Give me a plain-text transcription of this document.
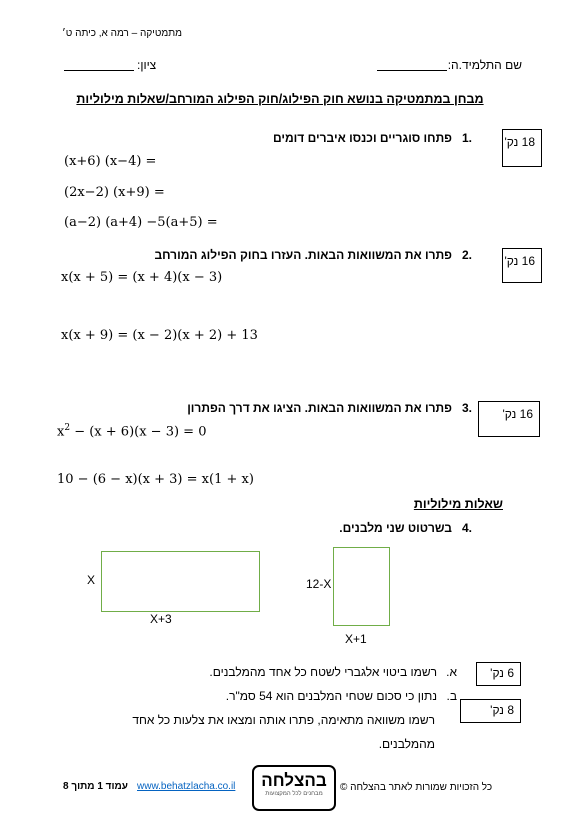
מתמטיקה – רמה א, כיתה ט׳
שם התלמיד.ה:
ציון:
מבחן במתמטיקה בנושא חוק הפילוג/חוק הפילוג המורחב/שאלות מילוליות
18 נק'
1.
פתחו סוגריים וכנסו איברים דומים
(x+6) (x−4) =
(2x−2) (x+9) =
(a−2) (a+4) −5(a+5) =
16 נק'
2.
פתרו את המשוואות הבאות. העזרו בחוק הפילוג המורחב
x(x + 5) = (x + 4)(x − 3)
x(x + 9) = (x − 2)(x + 2) + 13
16 נק'
3.
פתרו את המשוואות הבאות. הציגו את דרך הפתרון
$x^2 - (x + 6)(x - 3) = 0$
10 − (6 − x)(x + 3) = x(1 + x)
שאלות מילוליות
4.
בשרטוט שני מלבנים.
X
X+3
12-X
X+1
6 נק'
א.
רשמו ביטוי אלגברי לשטח כל אחד מהמלבנים.
8 נק'
ב.
נתון כי סכום שטחי המלבנים הוא 54 סמ"ר.
רשמו משוואה מתאימה, פתרו אותה ומצאו את צלעות כל אחד
מהמלבנים.
כל הזכויות שמורות לאתר בהצלחה ©
בהצלחה
מבחנים לכל המקצועות
www.behatzlacha.co.il
עמוד 1 מתוך 8
